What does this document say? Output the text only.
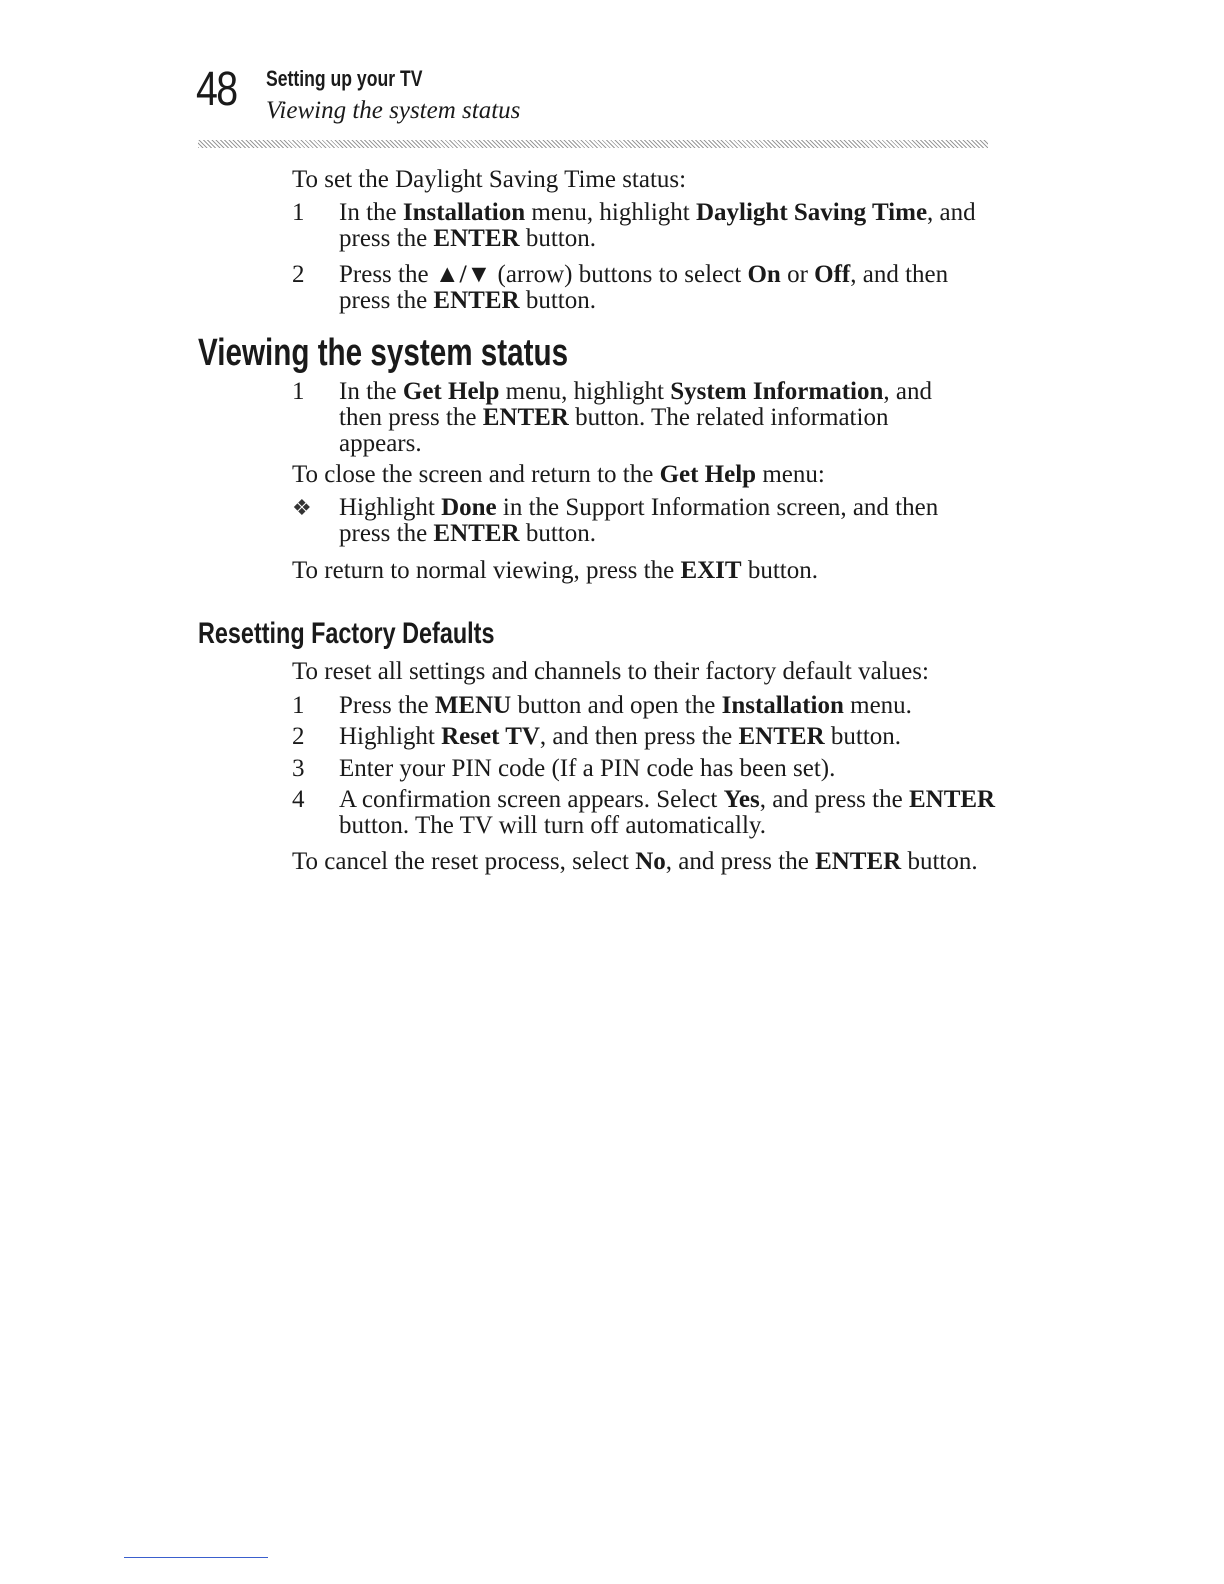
48 Setting up your TV
Viewing the system status
To set the Daylight Saving Time status:
1	In the Installation menu, highlight Daylight Saving Time, and
press the ENTER button.
2	Press the ▲/▼ (arrow) buttons to select On or Off, and then
press the ENTER button.
Viewing the system status
1	In the Get Help menu, highlight System Information, and
then press the ENTER button. The related information
appears.
To close the screen and return to the Get Help menu:
❖ Highlight Done in the Support Information screen, and then
press the ENTER button.
To return to normal viewing, press the EXIT button.
Resetting Factory Defaults
To reset all settings and channels to their factory default values:
1	Press the MENU button and open the Installation menu.
2	Highlight Reset TV, and then press the ENTER button.
3	Enter your PIN code (If a PIN code has been set).
4	A confirmation screen appears. Select Yes, and press the ENTER
button. The TV will turn off automatically.
To cancel the reset process, select No, and press the ENTER button.
